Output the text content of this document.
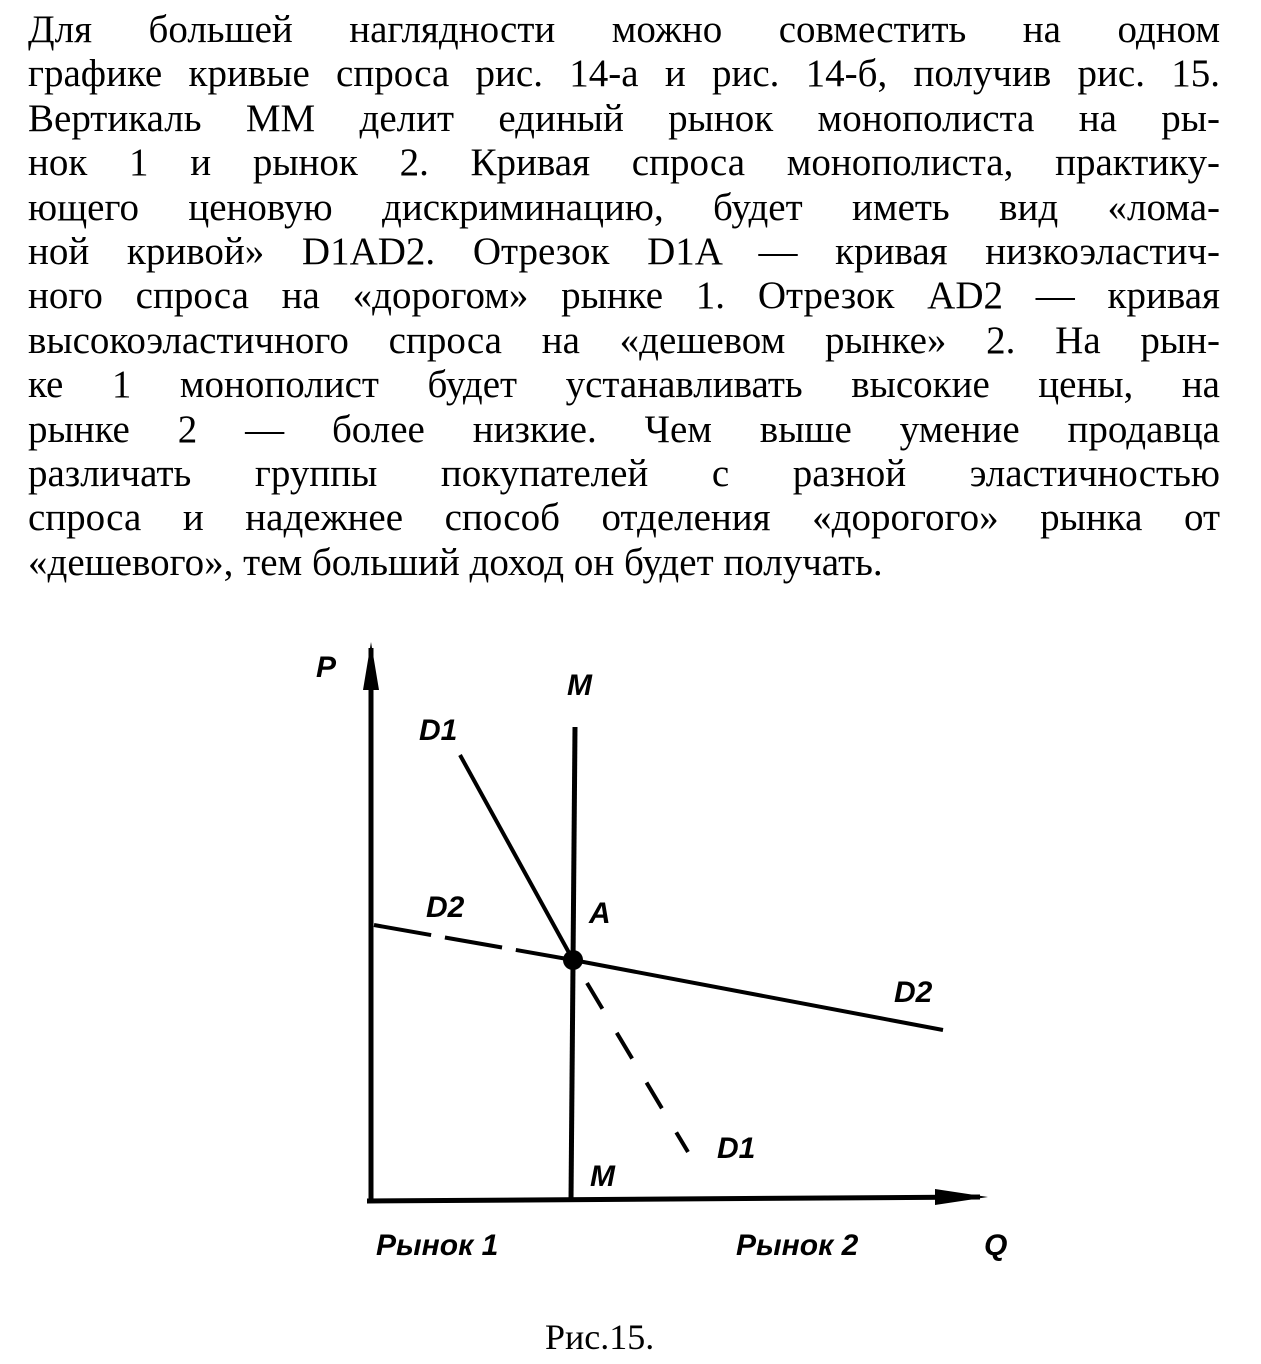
Для большей наглядности можно совместить на одном
графике кривые спроса рис. 14-а и рис. 14-б, получив рис. 15.
Вертикаль MM делит единый рынок монополиста на ры-
нок 1 и рынок 2. Кривая спроса монополиста, практику-
ющего ценовую дискриминацию, будет иметь вид «лома-
ной кривой» D1AD2. Отрезок D1A — кривая низкоэластич-
ного спроса на «дорогом» рынке 1. Отрезок AD2 — кривая
высокоэластичного спроса на «дешевом рынке» 2. На рын-
ке 1 монополист будет устанавливать высокие цены, на
рынке 2 — более низкие. Чем выше умение продавца
различать группы покупателей с разной эластичностью
спроса и надежнее способ отделения «дорогого» рынка от
«дешевого», тем больший доход он будет получать.
P
Q
M
M
D1
D1
D2
D2
A
Рынок 1	Рынок 2
Рис.15.
